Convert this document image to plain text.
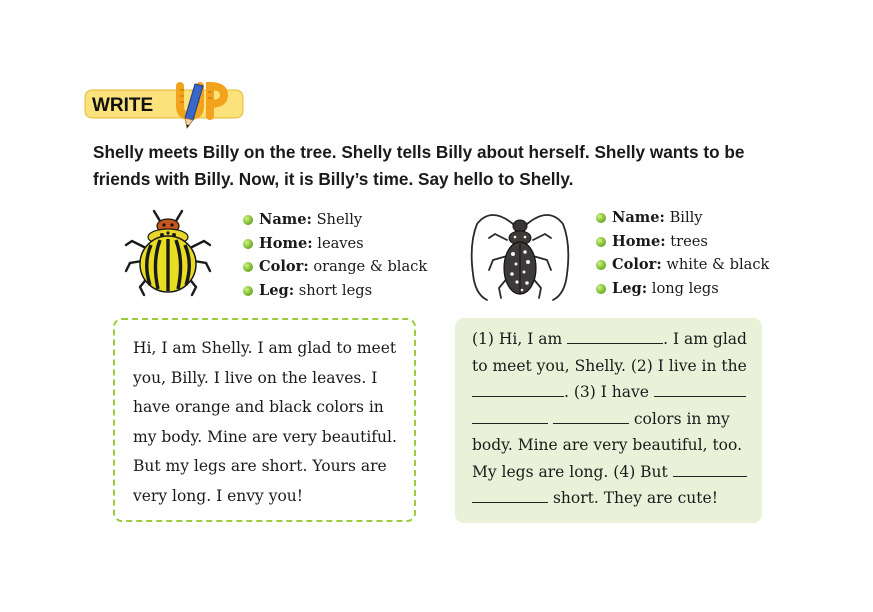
WRITE
Shelly meets Billy on the tree. Shelly tells Billy about herself. Shelly wants to be
friends with Billy. Now, it is Billy’s time. Say hello to Shelly.
Name: Shelly
Home: leaves
Color: orange & black
Leg: short legs
Name: Billy
Home: trees
Color: white & black
Leg: long legs
Hi, I am Shelly. I am glad to meet
you, Billy. I live on the leaves. I
have orange and black colors in
my body. Mine are very beautiful.
But my legs are short. Yours are
very long. I envy you!
(1) Hi, I am	. I am glad
to meet you, Shelly. (2) I live in the
. (3) I have
colors in my
body. Mine are very beautiful, too.
My legs are long. (4) But
short. They are cute!
